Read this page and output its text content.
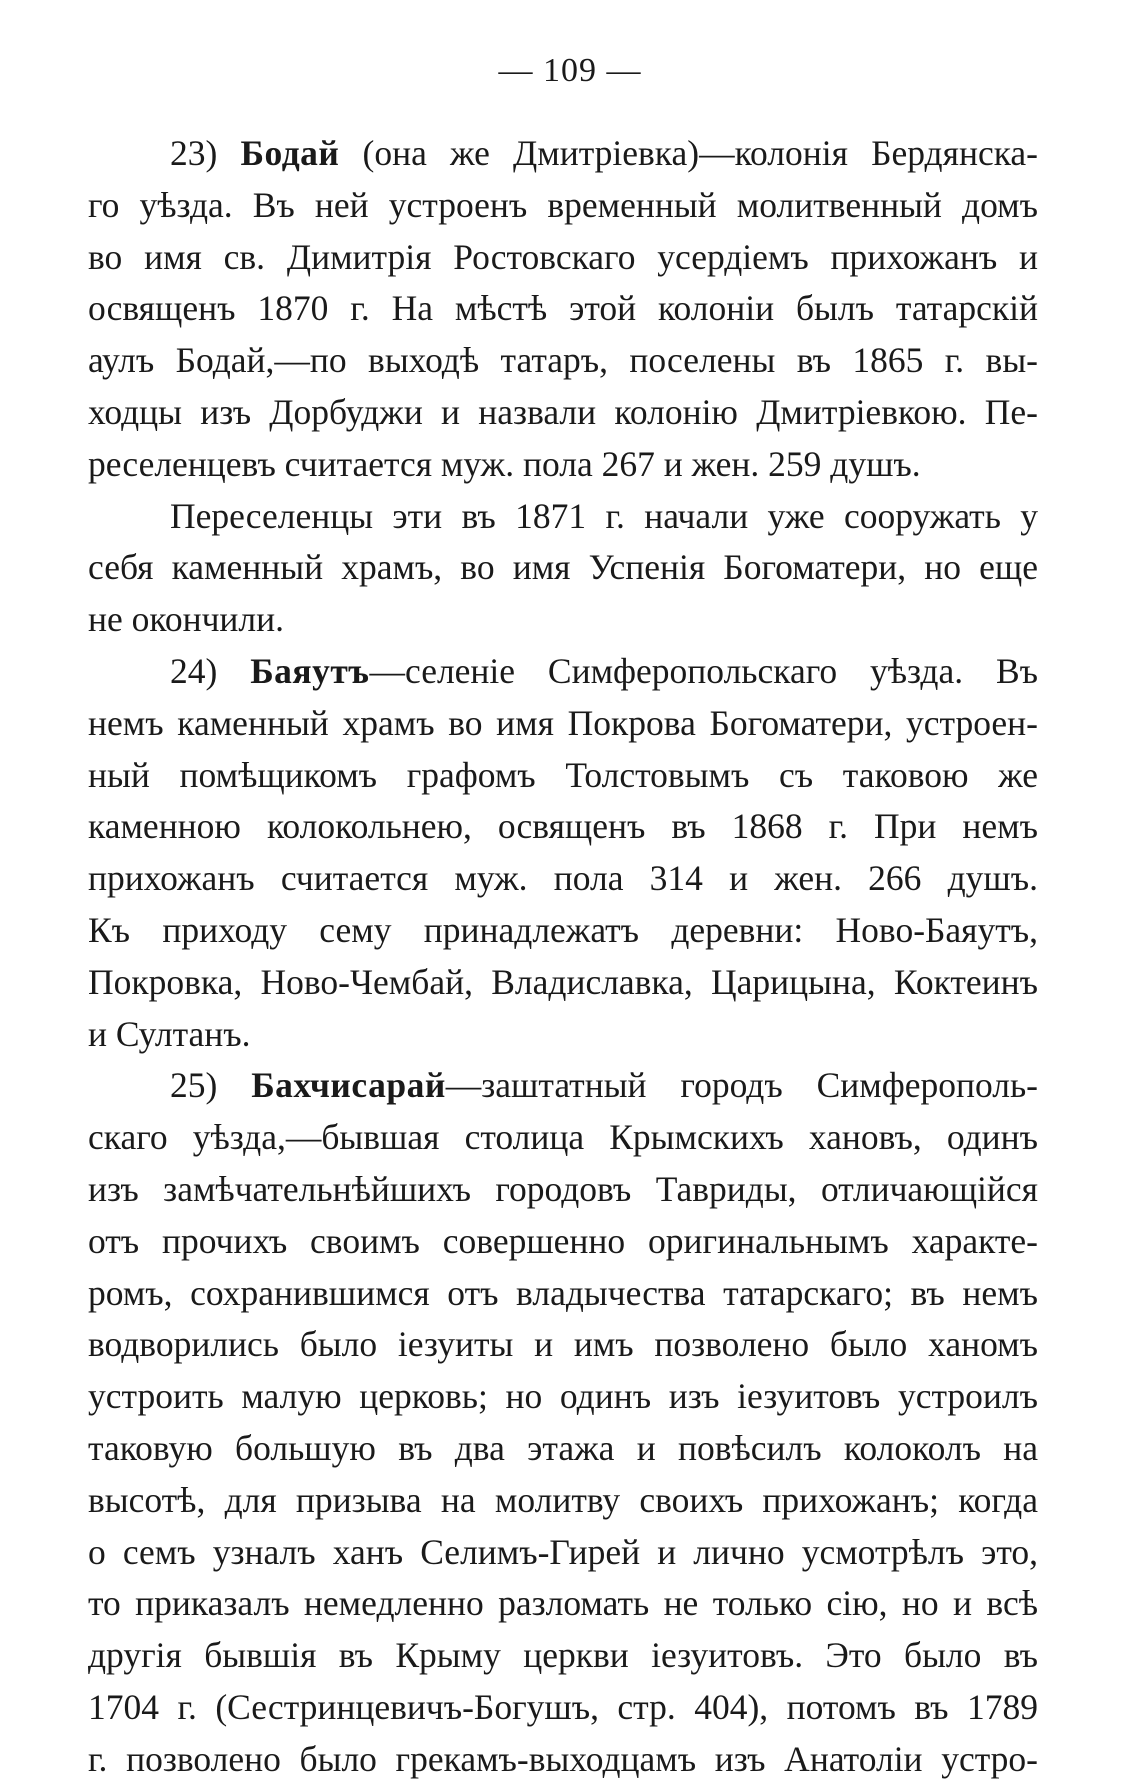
— 109 —
23) Бодай (она же Дмитріевка)—колонія Бердянска-
го уѣзда. Въ ней устроенъ временный молитвенный домъ
во имя св. Димитрія Ростовскаго усердіемъ прихожанъ и
освященъ 1870 г. На мѣстѣ этой колоніи былъ татарскій
аулъ Бодай,—по выходѣ татаръ, поселены въ 1865 г. вы-
ходцы изъ Дорбуджи и назвали колонію Дмитріевкою. Пе-
реселенцевъ считается муж. пола 267 и жен. 259 душъ.
Переселенцы эти въ 1871 г. начали уже сооружать у
себя каменный храмъ, во имя Успенія Богоматери, но еще
не окончили.
24) Баяутъ—селеніе Симферопольскаго уѣзда. Въ
немъ каменный храмъ во имя Покрова Богоматери, устроен-
ный помѣщикомъ графомъ Толстовымъ съ таковою же
каменною колокольнею, освященъ въ 1868 г. При немъ
прихожанъ считается муж. пола 314 и жен. 266 душъ.
Къ приходу сему принадлежатъ деревни: Ново-Баяутъ,
Покровка, Ново-Чембай, Владиславка, Царицына, Коктеинъ
и Султанъ.
25) Бахчисарай—заштатный городъ Симферополь-
скаго уѣзда,—бывшая столица Крымскихъ хановъ, одинъ
изъ замѣчательнѣйшихъ городовъ Тавриды, отличающійся
отъ прочихъ своимъ совершенно оригинальнымъ характе-
ромъ, сохранившимся отъ владычества татарскаго; въ немъ
водворились было іезуиты и имъ позволено было ханомъ
устроить малую церковь; но одинъ изъ іезуитовъ устроилъ
таковую большую въ два этажа и повѣсилъ колоколъ на
высотѣ, для призыва на молитву своихъ прихожанъ; когда
о семъ узналъ ханъ Селимъ-Гирей и лично усмотрѣлъ это,
то приказалъ немедленно разломать не только сію, но и всѣ
другія бывшія въ Крыму церкви іезуитовъ. Это было въ
1704 г. (Сестринцевичъ-Богушъ, стр. 404), потомъ въ 1789
г. позволено было грекамъ-выходцамъ изъ Анатоліи устро-
